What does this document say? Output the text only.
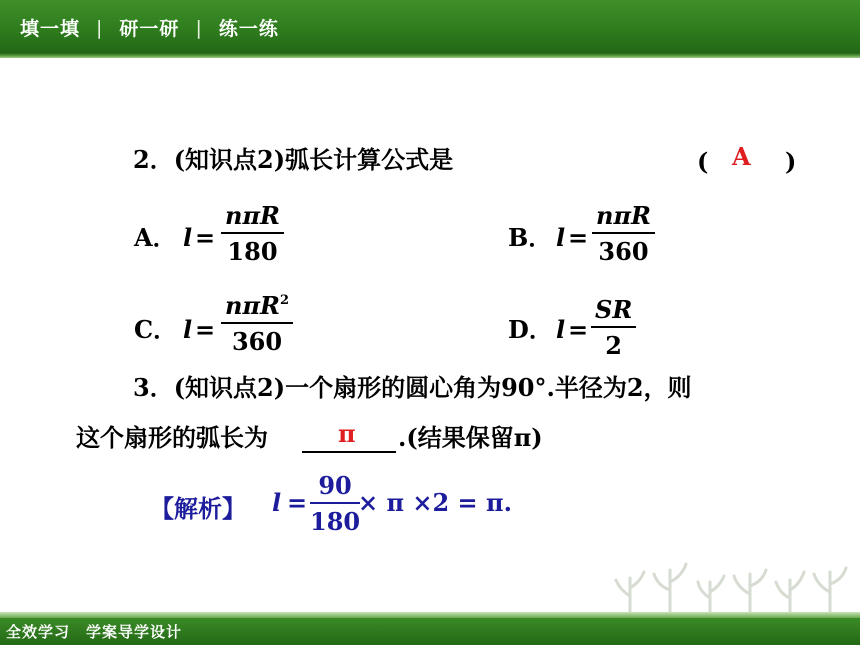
填一填 | 研一研 | 练一练
2．(知识点2)弧长计算公式是	( A )
A． l =
nπR
180	B． l =
nπR
360
C． l =
nπR$^2$
360	D． l =
SR
2
3．(知识点2)一个扇形的圆心角为90°.半径为2，则
这个扇形的弧长为	π .(结果保留π)
【解析】 l =
90
180
× π ×2 = π.
全效学习　学案导学设计
